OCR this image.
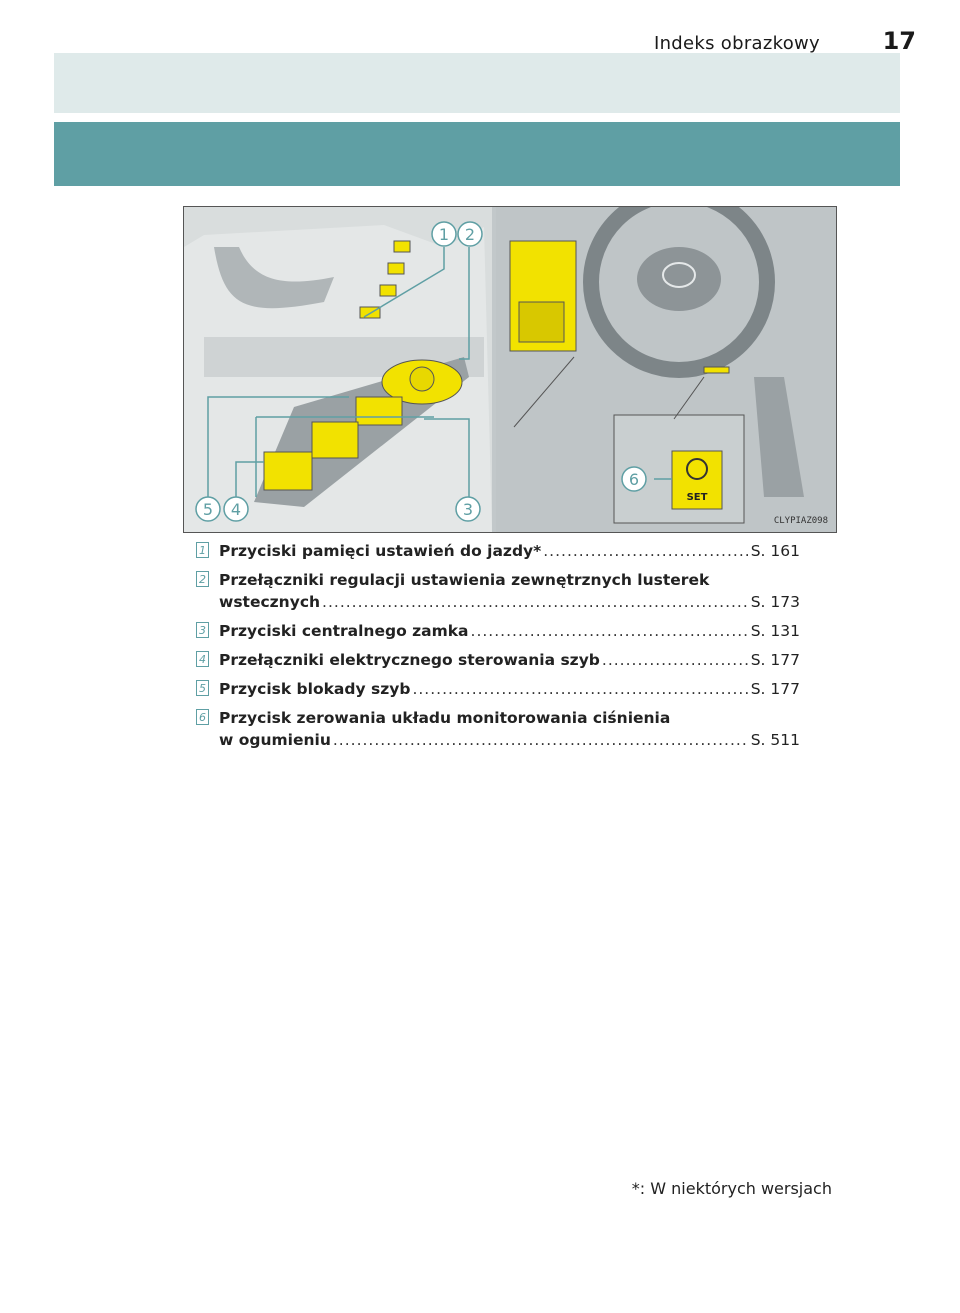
Indeks obrazkowy	17
SET
1 2
3
4
5
6
CLYPIAZ098
1 Przyciski pamięci ustawień do jazdy* .....	S. 161
2 Przełączniki regulacji ustawienia zewnętrznych lusterek
wstecznych .....	S. 173
3 Przyciski centralnego zamka .....	S. 131
4 Przełączniki elektrycznego sterowania szyb .....	S. 177
5 Przycisk blokady szyb .....	S. 177
6 Przycisk zerowania układu monitorowania ciśnienia
w ogumieniu .....	S. 511
*: W niektórych wersjach
